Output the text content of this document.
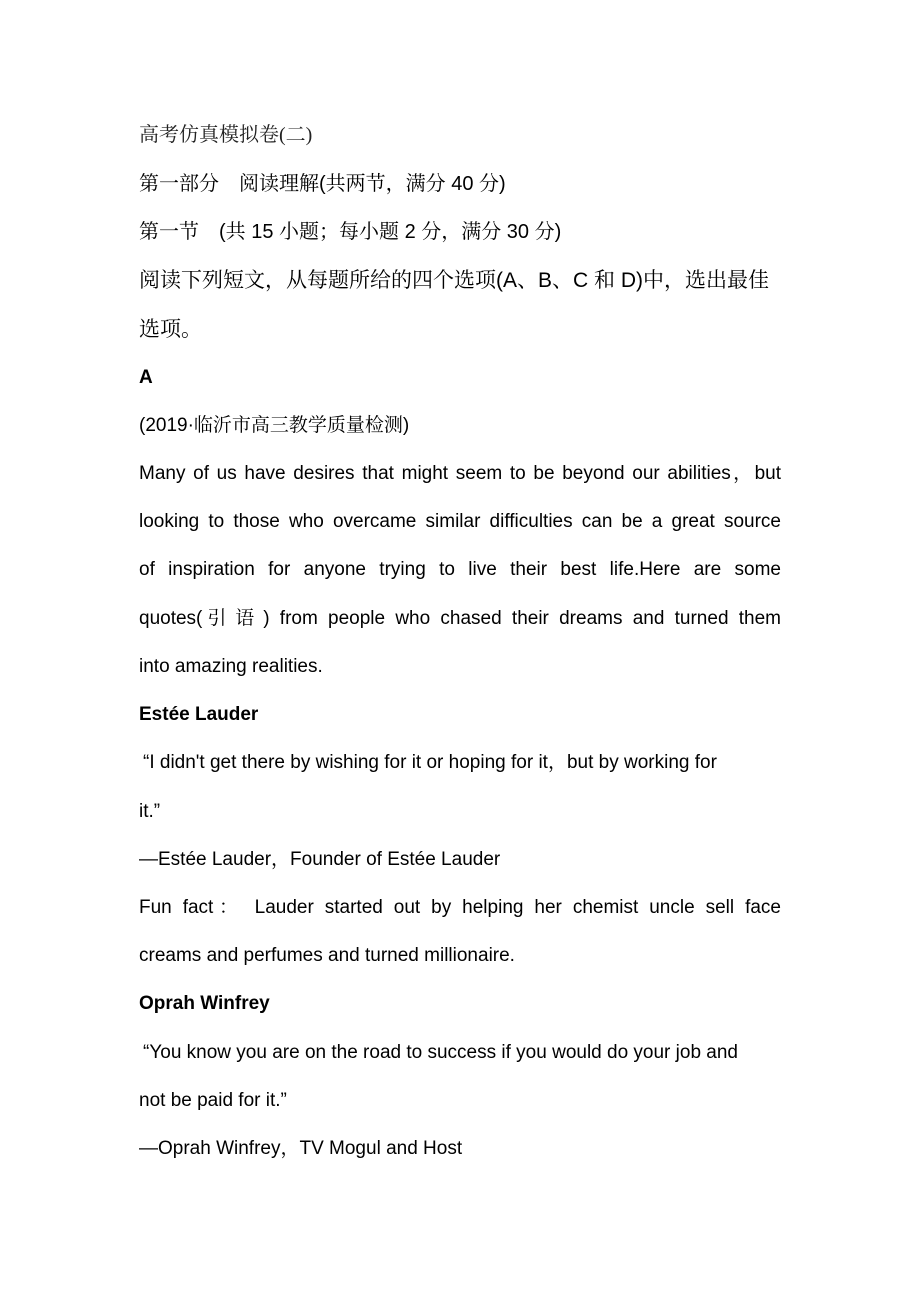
高考仿真模拟卷(二)
第一部分　阅读理解(共两节，满分 40 分)
第一节　(共 15 小题；每小题 2 分，满分 30 分)
阅读下列短文，从每题所给的四个选项(A、B、C 和 D)中，选出最佳
选项。
A
(2019·临沂市高三教学质量检测)
Many of us have desires that might seem to be beyond our abilities，but
looking to those who overcame similar difficulties can be a great source
of inspiration for anyone trying to live their best life.Here are some
quotes(引语) from people who chased their dreams and turned them
into amazing realities.
Estée Lauder
“I didn't get there by wishing for it or hoping for it，but by working for
it.”
—Estée Lauder，Founder of Estée Lauder
Fun fact： Lauder started out by helping her chemist uncle sell face
creams and perfumes and turned millionaire.
Oprah Winfrey
“You know you are on the road to success if you would do your job and
not be paid for it.”
—Oprah Winfrey，TV Mogul and Host
